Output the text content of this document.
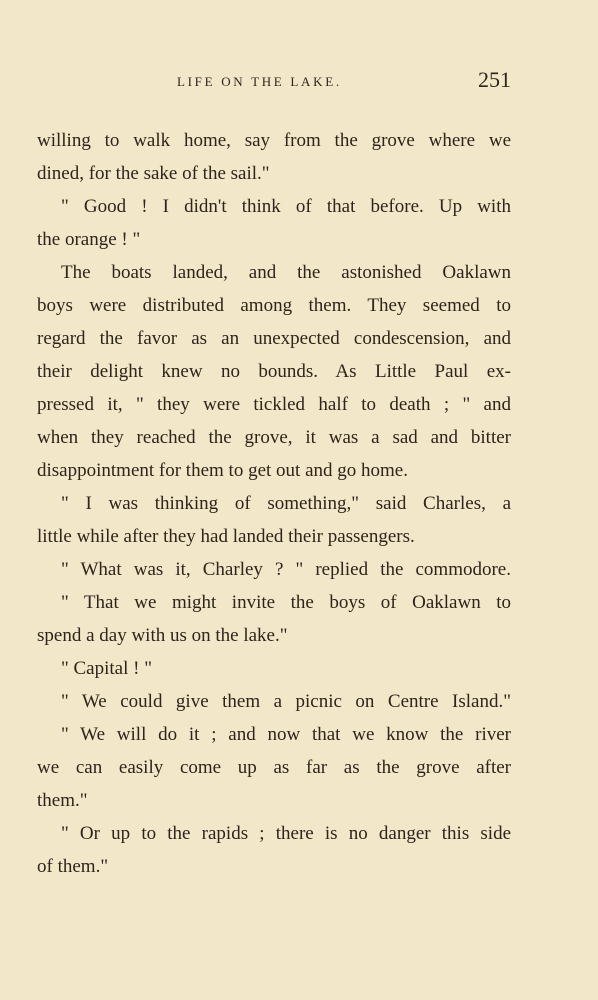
LIFE ON THE LAKE.	251
willing to walk home, say from the grove where we
dined, for the sake of the sail."
" Good ! I didn't think of that before. Up with
the orange ! "
The boats landed, and the astonished Oaklawn
boys were distributed among them. They seemed to
regard the favor as an unexpected condescension, and
their delight knew no bounds. As Little Paul ex-
pressed it, " they were tickled half to death ; " and
when they reached the grove, it was a sad and bitter
disappointment for them to get out and go home.
" I was thinking of something," said Charles, a
little while after they had landed their passengers.
" What was it, Charley ? " replied the commodore.
" That we might invite the boys of Oaklawn to
spend a day with us on the lake."
" Capital ! "
" We could give them a picnic on Centre Island."
" We will do it ; and now that we know the river
we can easily come up as far as the grove after
them."
" Or up to the rapids ; there is no danger this side
of them."
